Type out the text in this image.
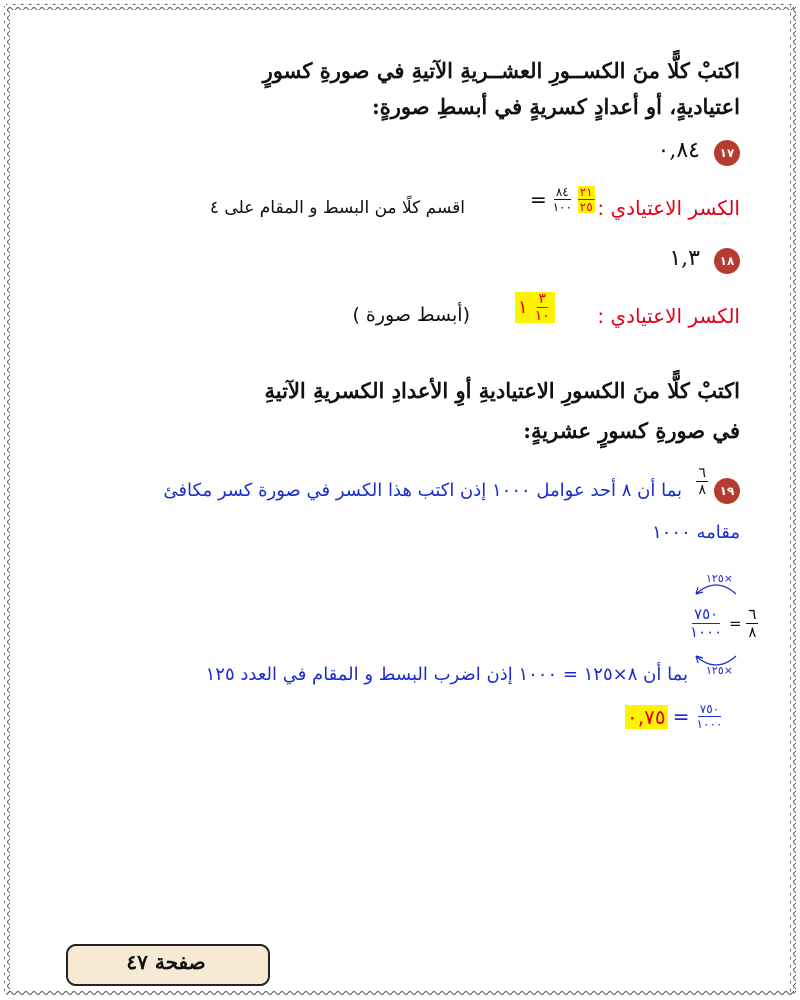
اكتبْ كلًّا منَ الكســورِ العشــريةِ الآتيةِ في صورةِ كسورٍ
اعتياديةٍ، أو أعدادٍ كسريةٍ في أبسطِ صورةٍ:
١٧
٠,٨٤
الكسر الاعتيادي :
= $\frac{٨٤}{١٠٠}$
$\frac{٢١}{٢٥}$
اقسم كلًا من البسط و المقام على ٤
١٨
١,٣
الكسر الاعتيادي :
١ $\frac{٣}{١٠}$
(أبسط صورة )
اكتبْ كلًّا منَ الكسورِ الاعتياديةِ أوِ الأعدادِ الكسريةِ الآتيةِ
في صورةِ كسورٍ عشريةٍ:
١٩
$\frac{٦}{٨}$
بما أن ٨ أحد عوامل ١٠٠٠ إذن اكتب هذا الكسر في صورة كسر مكافئ
مقامه ١٠٠٠
١٢٥×
١٢٥×
$\frac{٧٥٠}{١٠٠٠} = \frac{٦}{٨}$
بما أن ٨×١٢٥ = ١٠٠٠ إذن اضرب البسط و المقام في العدد ١٢٥
٠,٧٥ = $\frac{٧٥٠}{١٠٠٠}$
صفحة ٤٧
